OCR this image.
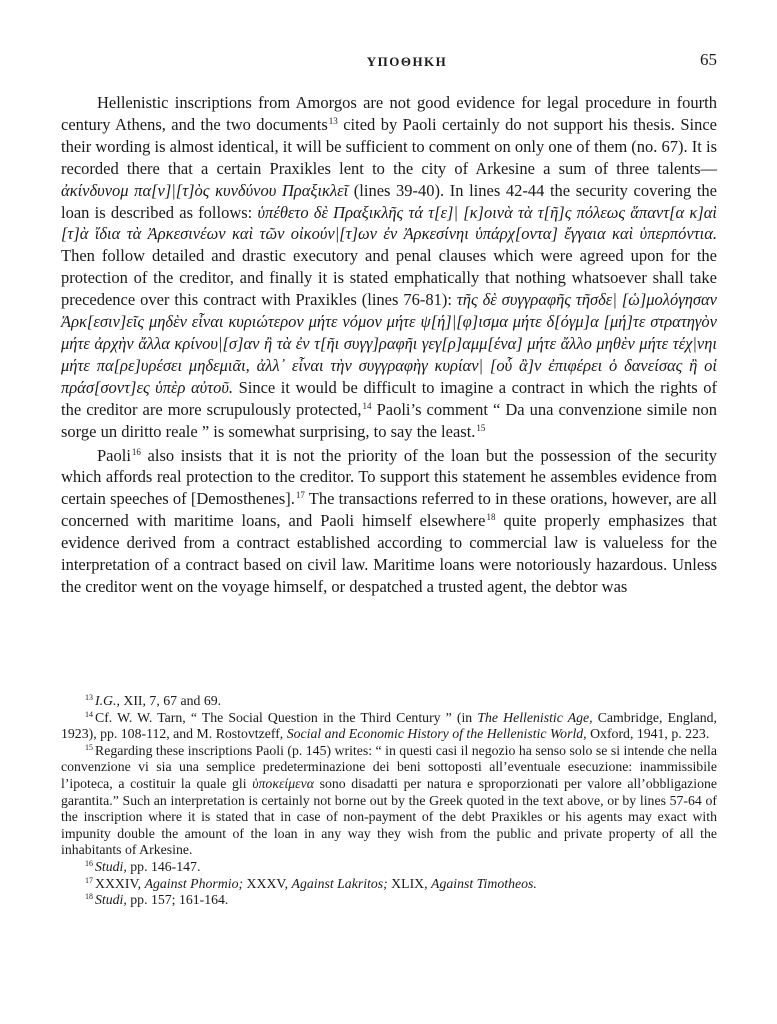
ΥΠΟΘΗΚΗ	65

Hellenistic inscriptions from Amorgos are not good evidence for legal procedure in fourth century Athens, and the two documents$^{13}$ cited by Paoli certainly do not support his thesis. Since their wording is almost identical, it will be sufficient to comment on only one of them (no. 67). It is recorded there that a certain Praxikles lent to the city of Arkesine a sum of three talents—ἀκίνδυνομ πα[ν]|[τ]ὸς κυνδύνου Πραξικλεῖ (lines 39-40). In lines 42-44 the security covering the loan is described as follows: ὑπέθετο δὲ Πραξικλῆς τά τ[ε]| [κ]οινὰ τὰ τ[ῆ]ς πόλεως ἅπαντ[α κ]αὶ [τ]ὰ ἴδια τὰ Ἀρκεσινέων καὶ τῶν οἰκούν|[τ]ων ἐν Ἀρκεσίνηι ὑπάρχ[οντα] ἔγγαια καὶ ὑπερπόντια. Then follow detailed and drastic executory and penal clauses which were agreed upon for the protection of the creditor, and finally it is stated emphatically that nothing whatsoever shall take precedence over this contract with Praxikles (lines 76-81): τῆς δὲ συγγραφῆς τῆσδε| [ὡ]μολόγησαν Ἀρκ[εσιν]εῖς μηδὲν εἶναι κυριώτερον μήτε νόμον μήτε ψ[ή]|[φ]ισμα μήτε δ[όγμ]α [μή]τε στρατηγὸν μήτε ἀρχὴν ἄλλα κρίνου|[σ]αν ἢ τὰ ἐν τ[ῆι συγγ]ραφῆι γεγ[ρ]αμμ[ένα] μήτε ἄλλο μηθὲν μήτε τέχ|νηι μήτε πα[ρε]υρέσει μηδεμιᾶι, ἀλλ᾽ εἶναι τὴν συγγραφὴγ κυρίαν| [οὗ ἂ]ν ἐπιφέρει ὁ δανείσας ἢ οἱ πράσ[σοντ]ες ὑπὲρ αὐτοῦ. Since it would be difficult to imagine a contract in which the rights of the creditor are more scrupulously protected,$^{14}$ Paoli’s comment “ Da una convenzione simile non sorge un diritto reale ” is somewhat surprising, to say the least.$^{15}$

Paoli$^{16}$ also insists that it is not the priority of the loan but the possession of the security which affords real protection to the creditor. To support this statement he assembles evidence from certain speeches of [Demosthenes].$^{17}$ The transactions referred to in these orations, however, are all concerned with maritime loans, and Paoli himself elsewhere$^{18}$ quite properly emphasizes that evidence derived from a contract established according to commercial law is valueless for the interpretation of a contract based on civil law. Maritime loans were notoriously hazardous. Unless the creditor went on the voyage himself, or despatched a trusted agent, the debtor was

$^{13}$ I.G., XII, 7, 67 and 69.

$^{14}$ Cf. W. W. Tarn, “ The Social Question in the Third Century ” (in The Hellenistic Age, Cambridge, England, 1923), pp. 108-112, and M. Rostovtzeff, Social and Economic History of the Hellenistic World, Oxford, 1941, p. 223.

$^{15}$ Regarding these inscriptions Paoli (p. 145) writes: “ in questi casi il negozio ha senso solo se si intende che nella convenzione vi sia una semplice predeterminazione dei beni sottoposti all’eventuale esecuzione: inammissibile l’ipoteca, a costituir la quale gli ὑποκείμενα sono disadatti per natura e sproporzionati per valore all’obbligazione garantita.” Such an interpretation is certainly not borne out by the Greek quoted in the text above, or by lines 57-64 of the inscription where it is stated that in case of non-payment of the debt Praxikles or his agents may exact with impunity double the amount of the loan in any way they wish from the public and private property of all the inhabitants of Arkesine.

$^{16}$ Studi, pp. 146-147.

$^{17}$ XXXIV, Against Phormio; XXXV, Against Lakritos; XLIX, Against Timotheos.

$^{18}$ Studi, pp. 157; 161-164.
